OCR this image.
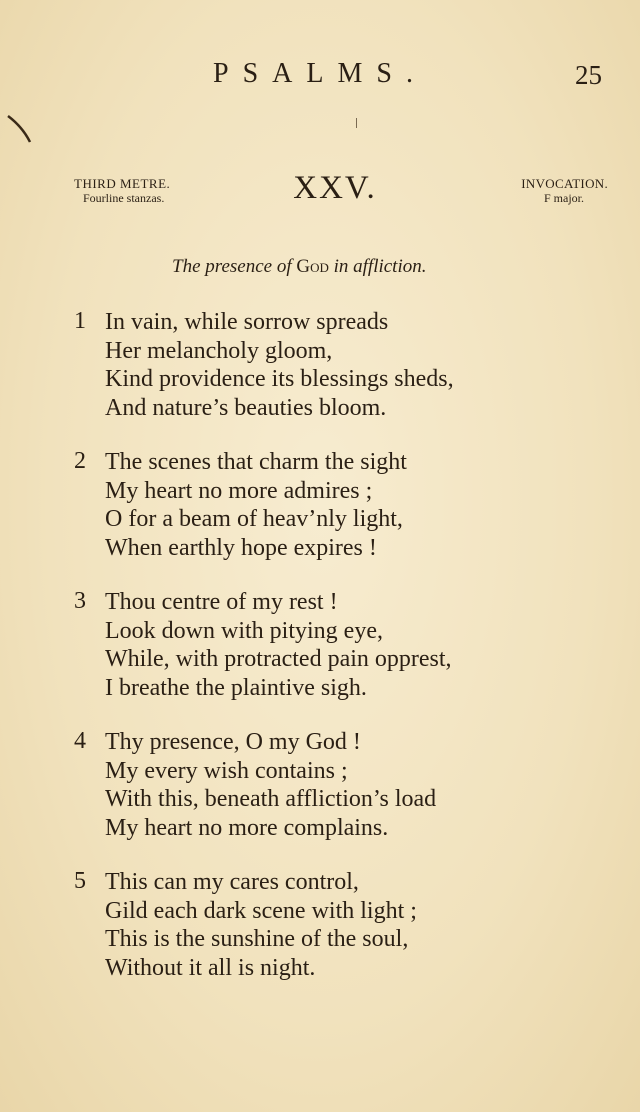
PSALMS.	25
THIRD METRE.
Fourline stanzas.	XXV.	INVOCATION.
F major.
The presence of God in affliction.
1 In vain, while sorrow spreads
Her melancholy gloom,
Kind providence its blessings sheds,
And nature’s beauties bloom.
2 The scenes that charm the sight
My heart no more admires ;
O for a beam of heav’nly light,
When earthly hope expires !
3 Thou centre of my rest !
Look down with pitying eye,
While, with protracted pain opprest,
I breathe the plaintive sigh.
4 Thy presence, O my God !
My every wish contains ;
With this, beneath affliction’s load
My heart no more complains.
5 This can my cares control,
Gild each dark scene with light ;
This is the sunshine of the soul,
Without it all is night.
